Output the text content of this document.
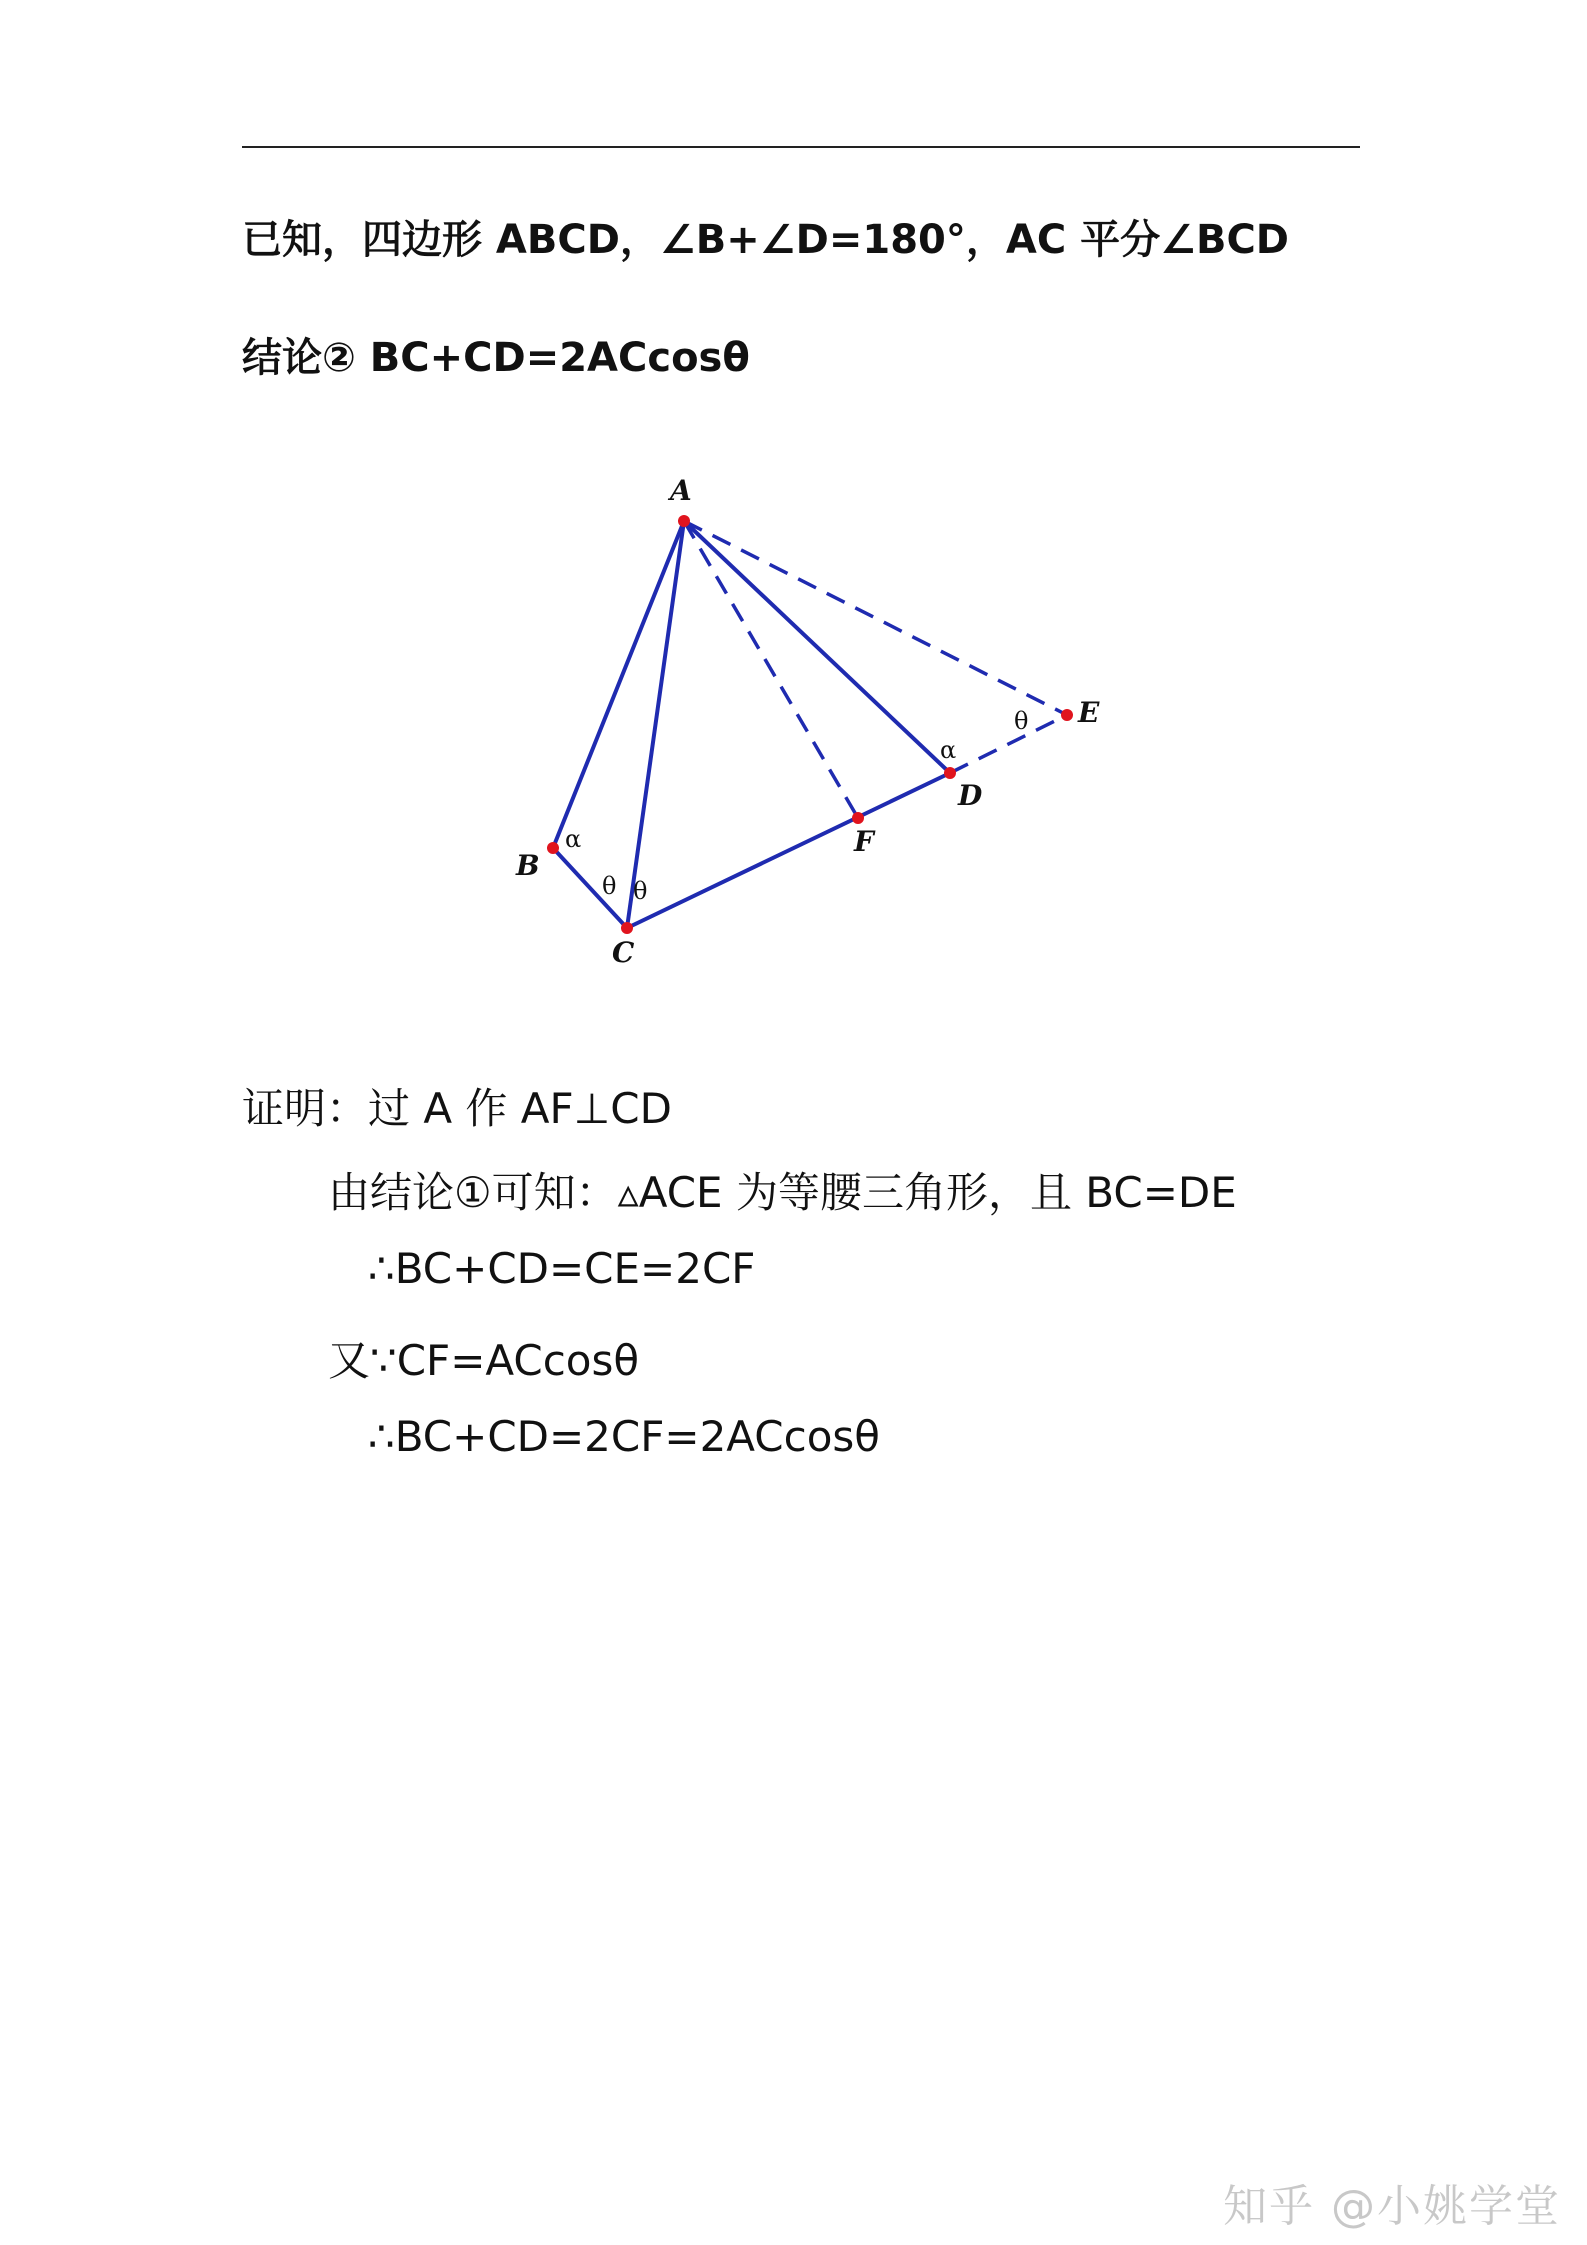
已知，四边形 ABCD，∠B+∠D=180°，AC 平分∠BCD
结论② BC+CD=2ACcosθ
A
B
C
D
E
F
α
α
θ θ
θ
证明：过 A 作 AF⊥CD
由结论①可知：▵ACE 为等腰三角形，且 BC=DE
∴BC+CD=CE=2CF
又∵CF=ACcosθ
∴BC+CD=2CF=2ACcosθ
知乎 @小姚学堂
